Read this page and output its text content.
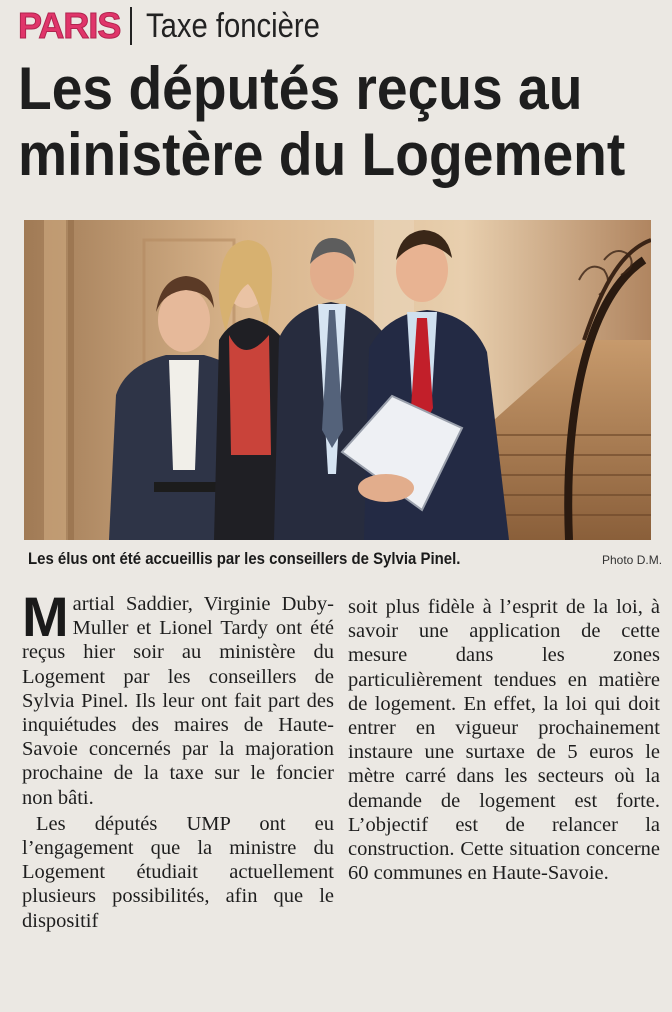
PARIS Taxe foncière
Les députés reçus au
ministère du Logement
Les élus ont été accueillis par les conseillers de Sylvia Pinel.	Photo D.M.

Martial Saddier, Virginie Duby-Muller et Lionel Tardy ont été reçus hier soir au ministère du Logement par les conseillers de Sylvia Pinel. Ils leur ont fait part des inquiétudes des maires de Haute-Savoie concernés par la majoration prochaine de la taxe sur le foncier non bâti.

Les députés UMP ont eu l’engagement que la ministre du Logement étudiait actuellement plusieurs possibilités, afin que le dispositif

soit plus fidèle à l’esprit de la loi, à savoir une application de cette mesure dans les zones particulièrement tendues en matière de logement. En effet, la loi qui doit entrer en vigueur prochainement instaure une surtaxe de 5 euros le mètre carré dans les secteurs où la demande de logement est forte. L’objectif est de relancer la construction. Cette situation concerne 60 communes en Haute-Savoie.
